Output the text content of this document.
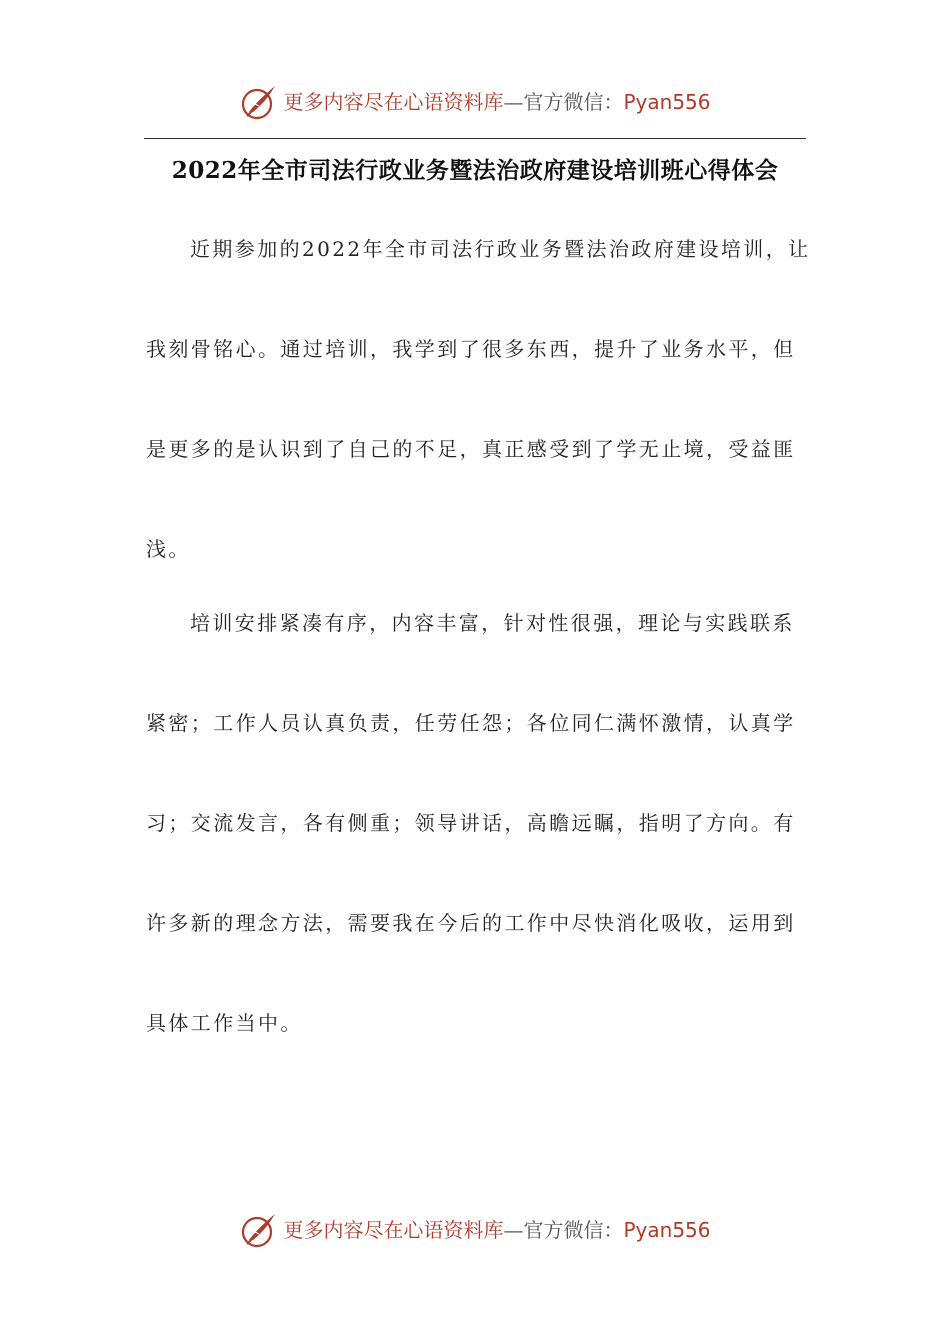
更多内容尽在心语资料库—官方微信：Pyan556
2022年全市司法行政业务暨法治政府建设培训班心得体会
近期参加的2022年全市司法行政业务暨法治政府建设培训，让
我刻骨铭心。通过培训，我学到了很多东西，提升了业务水平，但
是更多的是认识到了自己的不足，真正感受到了学无止境，受益匪
浅。
培训安排紧凑有序，内容丰富，针对性很强，理论与实践联系
紧密；工作人员认真负责，任劳任怨；各位同仁满怀激情，认真学
习；交流发言，各有侧重；领导讲话，高瞻远瞩，指明了方向。有
许多新的理念方法，需要我在今后的工作中尽快消化吸收，运用到
具体工作当中。
更多内容尽在心语资料库—官方微信：Pyan556
